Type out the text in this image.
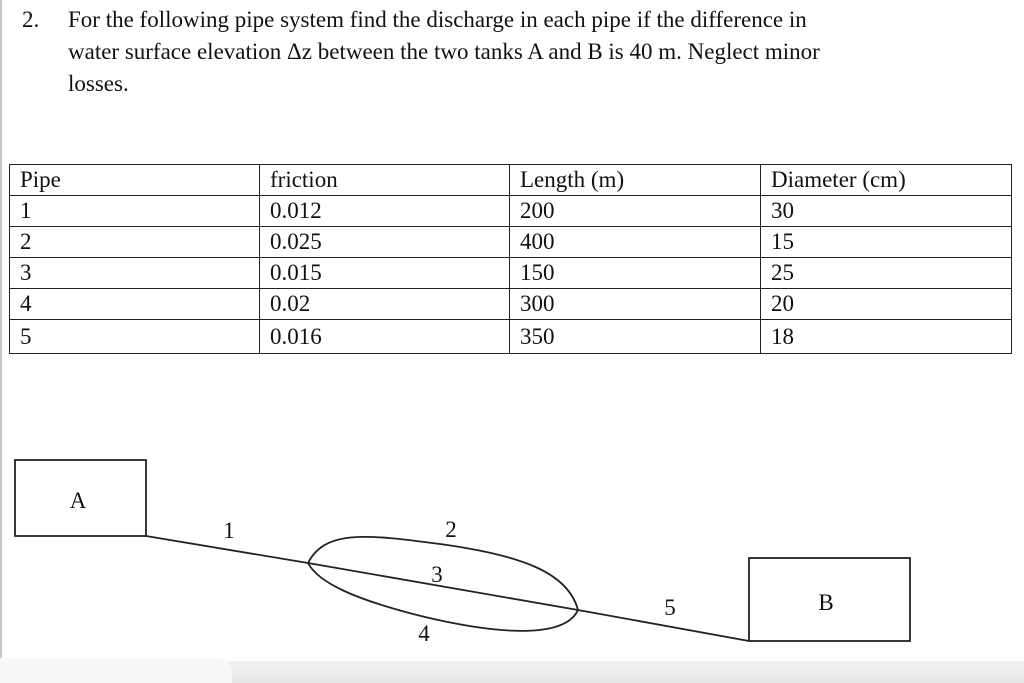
2. For the following pipe system find the discharge in each pipe if the difference in
water surface elevation Δz between the two tanks A and B is 40 m. Neglect minor
losses.
Pipe	friction	Length (m)	Diameter (cm)
1	0.012	200	30
2	0.025	400	15
3	0.015	150	25
4	0.02	300	20
5	0.016	350	18
A
B
1	2
3
4
5
